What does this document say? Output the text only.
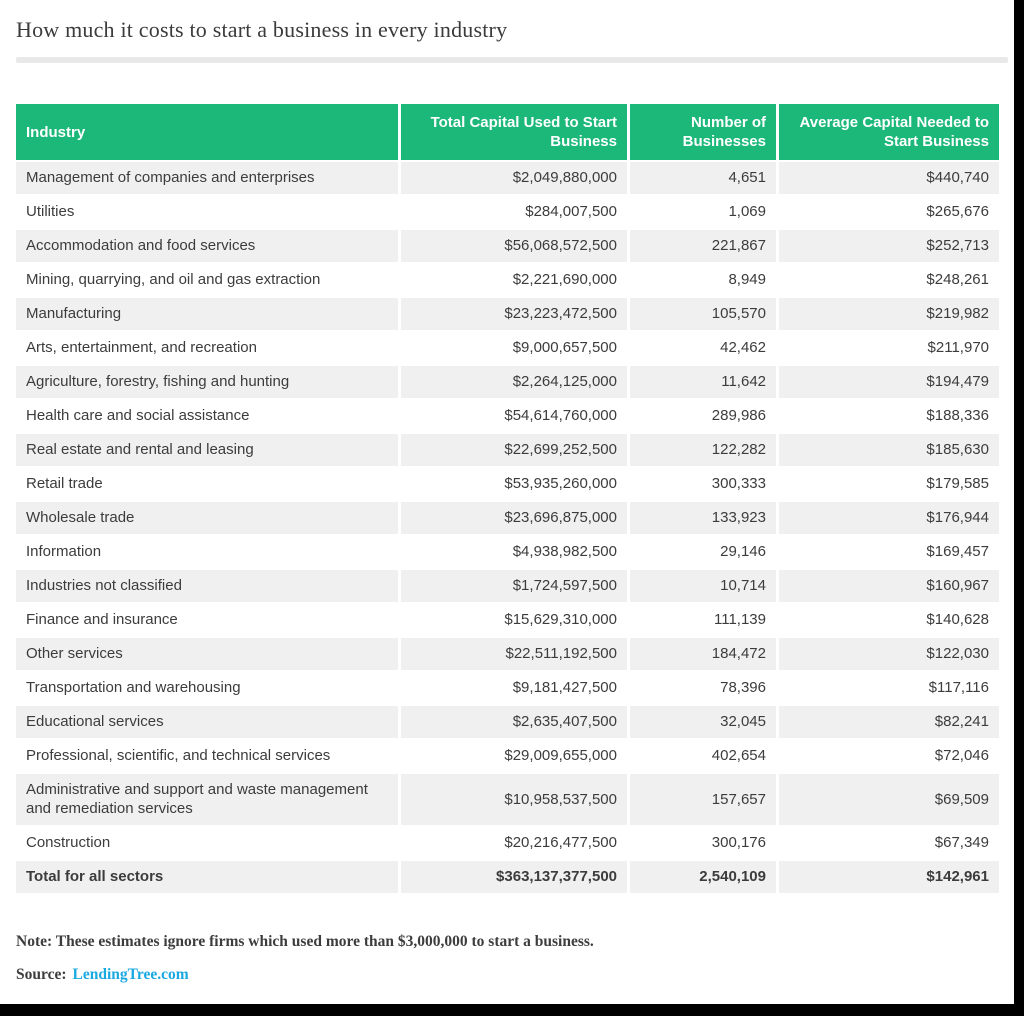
How much it costs to start a business in every industry
Industry	Total Capital Used to Start Business	Number of Businesses	Average Capital Needed to Start Business
Management of companies and enterprises	$2,049,880,000	4,651	$440,740
Utilities	$284,007,500	1,069	$265,676
Accommodation and food services	$56,068,572,500	221,867	$252,713
Mining, quarrying, and oil and gas extraction	$2,221,690,000	8,949	$248,261
Manufacturing	$23,223,472,500	105,570	$219,982
Arts, entertainment, and recreation	$9,000,657,500	42,462	$211,970
Agriculture, forestry, fishing and hunting	$2,264,125,000	11,642	$194,479
Health care and social assistance	$54,614,760,000	289,986	$188,336
Real estate and rental and leasing	$22,699,252,500	122,282	$185,630
Retail trade	$53,935,260,000	300,333	$179,585
Wholesale trade	$23,696,875,000	133,923	$176,944
Information	$4,938,982,500	29,146	$169,457
Industries not classified	$1,724,597,500	10,714	$160,967
Finance and insurance	$15,629,310,000	111,139	$140,628
Other services	$22,511,192,500	184,472	$122,030
Transportation and warehousing	$9,181,427,500	78,396	$117,116
Educational services	$2,635,407,500	32,045	$82,241
Professional, scientific, and technical services	$29,009,655,000	402,654	$72,046
Administrative and support and waste management and remediation services	$10,958,537,500	157,657	$69,509
Construction	$20,216,477,500	300,176	$67,349
Total for all sectors	$363,137,377,500	2,540,109	$142,961

Note: These estimates ignore firms which used more than $3,000,000 to start a business.

Source: LendingTree.com
